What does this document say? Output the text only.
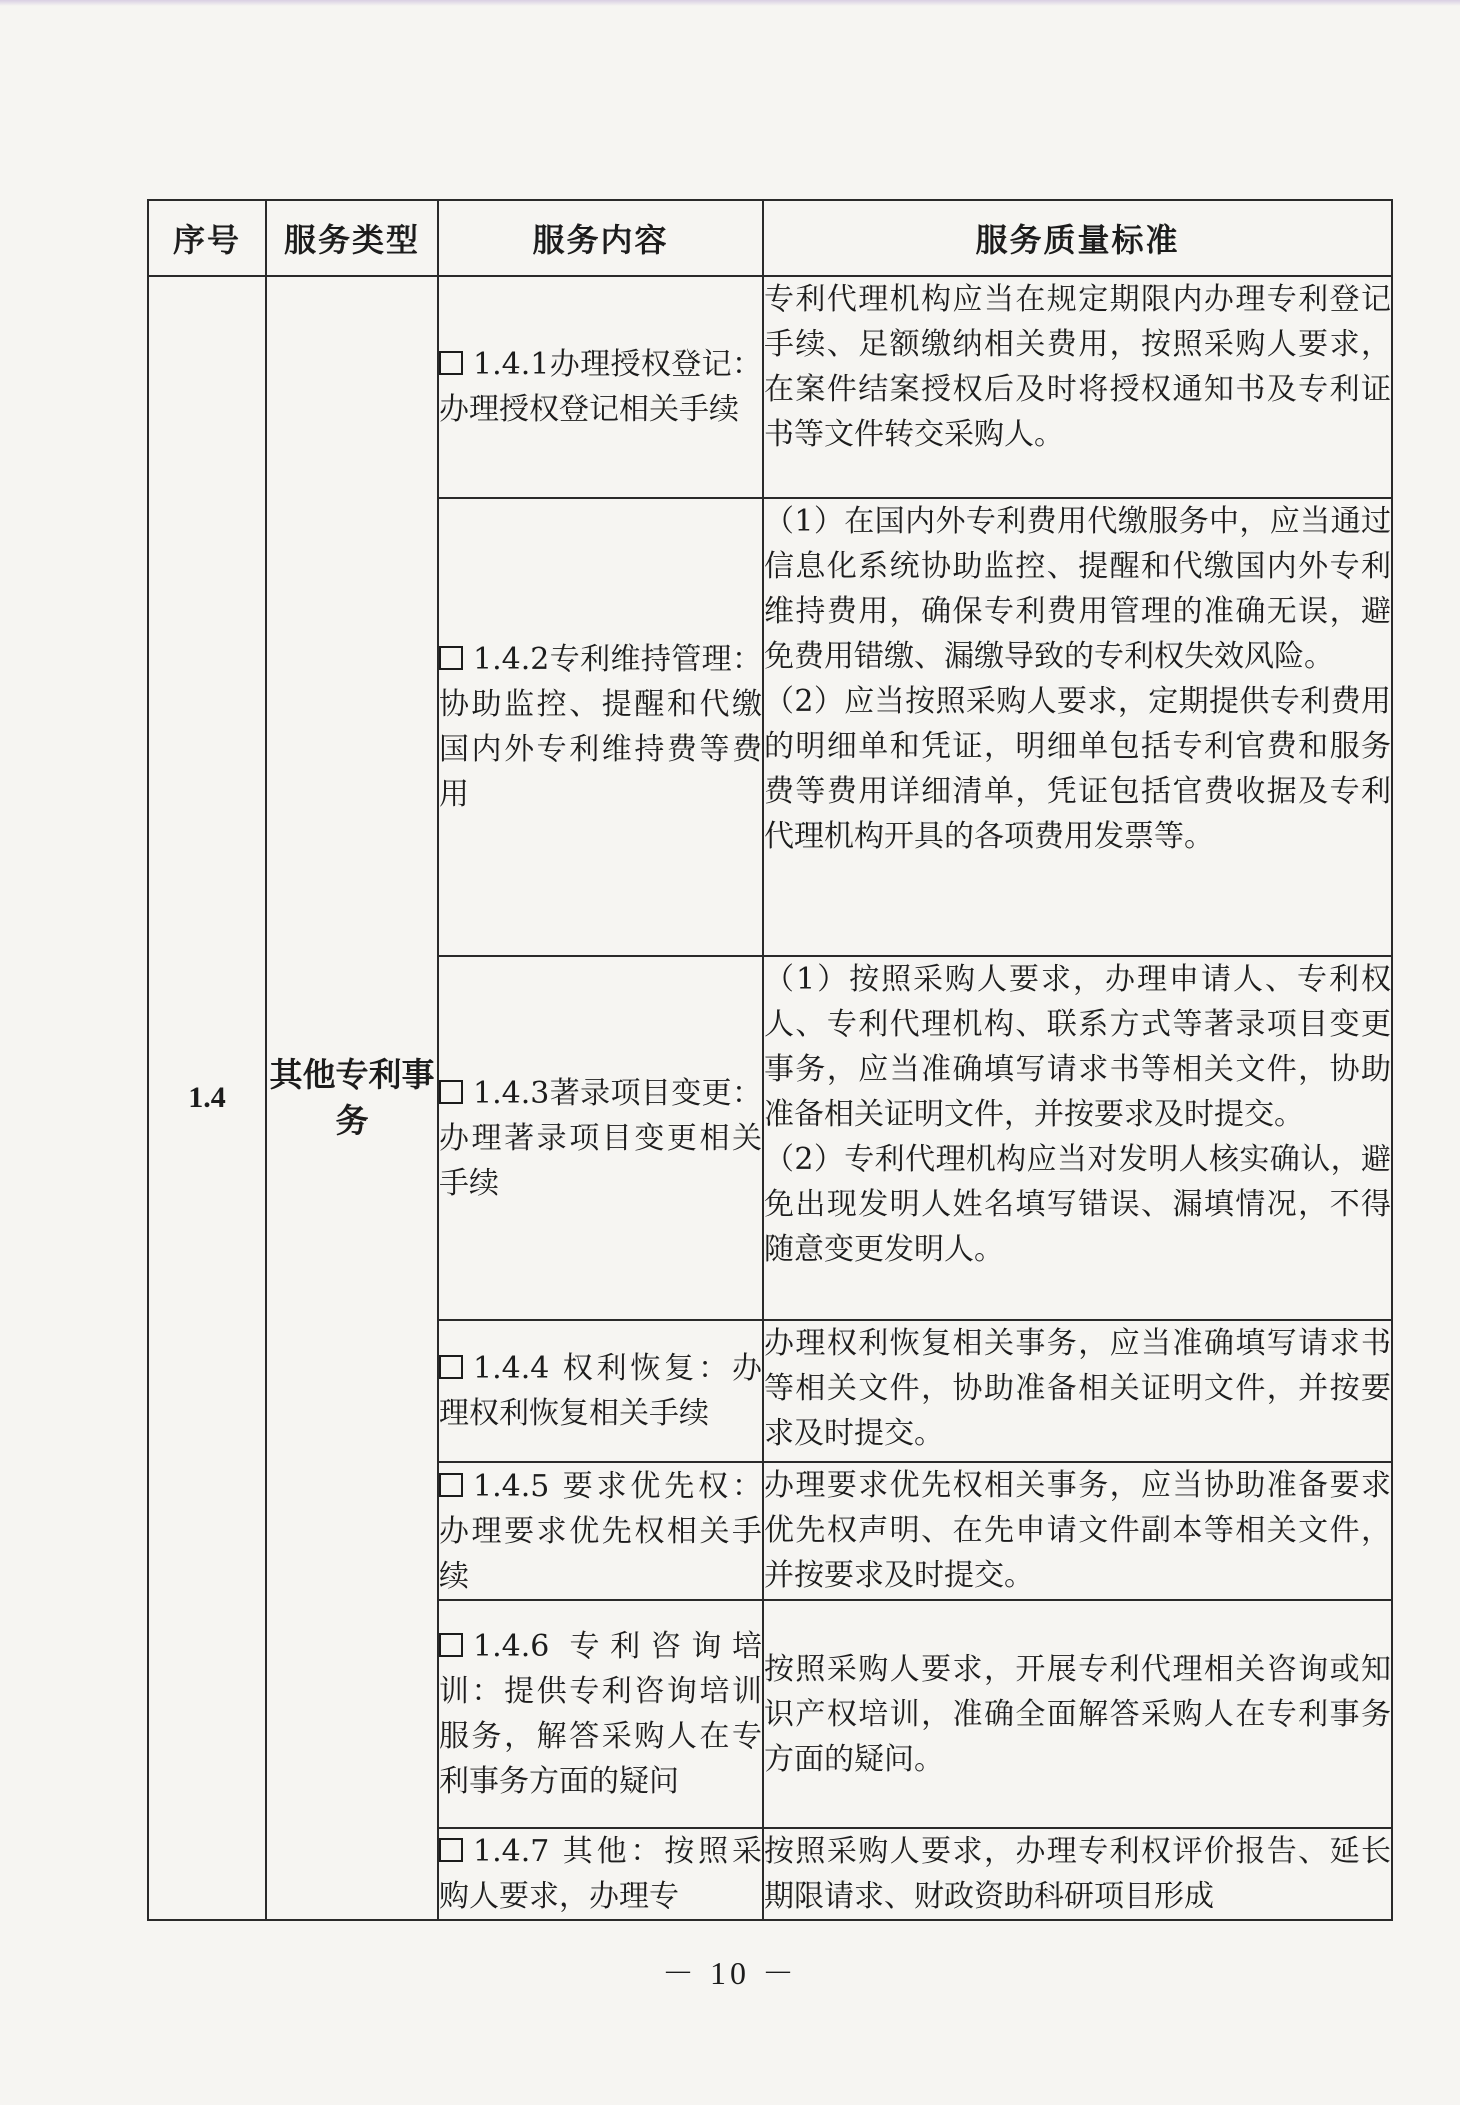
序号	服务类型	服务内容	服务质量标准
1.4	其他专利事务	1.4.1办理授权登记：办理授权登记相关手续	专利代理机构应当在规定期限内办理专利登记手续、足额缴纳相关费用，按照采购人要求，在案件结案授权后及时将授权通知书及专利证书等文件转交采购人。

		1.4.2专利维持管理：协助监控、提醒和代缴国内外专利维持费等费用	（1）在国内外专利费用代缴服务中，应当通过信息化系统协助监控、提醒和代缴国内外专利维持费用，确保专利费用管理的准确无误，避免费用错缴、漏缴导致的专利权失效风险。
（2）应当按照采购人要求，定期提供专利费用的明细单和凭证，明细单包括专利官费和服务费等费用详细清单，凭证包括官费收据及专利代理机构开具的各项费用发票等。

		1.4.3著录项目变更：办理著录项目变更相关手续	（1）按照采购人要求，办理申请人、专利权人、专利代理机构、联系方式等著录项目变更事务，应当准确填写请求书等相关文件，协助准备相关证明文件，并按要求及时提交。
（2）专利代理机构应当对发明人核实确认，避免出现发明人姓名填写错误、漏填情况，不得随意变更发明人。

		1.4.4 权利恢复：办理权利恢复相关手续	办理权利恢复相关事务，应当准确填写请求书等相关文件，协助准备相关证明文件，并按要求及时提交。

		1.4.5 要求优先权：办理要求优先权相关手续	办理要求优先权相关事务，应当协助准备要求优先权声明、在先申请文件副本等相关文件，并按要求及时提交。

		1.4.6 专利咨询培训：提供专利咨询培训服务，解答采购人在专利事务方面的疑问	按照采购人要求，开展专利代理相关咨询或知识产权培训，准确全面解答采购人在专利事务方面的疑问。

		1.4.7 其他：按照采购人要求，办理专	按照采购人要求，办理专利权评价报告、延长期限请求、财政资助科研项目形成
－ 10 －
